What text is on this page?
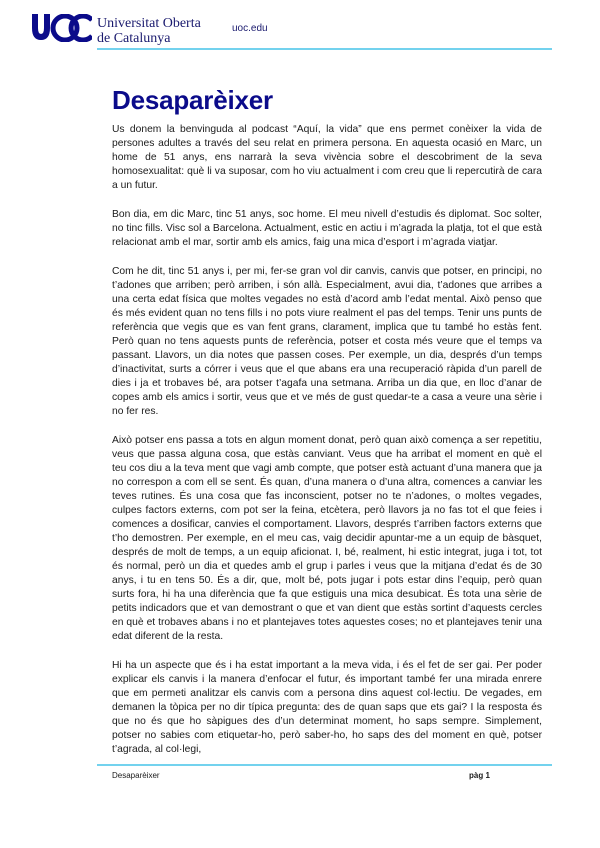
Universitat Oberta
de Catalunya
uoc.edu
Desaparèixer

Us donem la benvinguda al podcast “Aquí, la vida” que ens permet conèixer la vida de persones adultes a través del seu relat en primera persona. En aquesta ocasió en Marc, un home de 51 anys, ens narrarà la seva vivència sobre el descobriment de la seva homosexualitat: què li va suposar, com ho viu actualment i com creu que li repercutirà de cara a un futur.

Bon dia, em dic Marc, tinc 51 anys, soc home. El meu nivell d’estudis és diplomat. Soc solter, no tinc fills. Visc sol a Barcelona. Actualment, estic en actiu i m’agrada la platja, tot el que està relacionat amb el mar, sortir amb els amics, faig una mica d’esport i m’agrada viatjar.

Com he dit, tinc 51 anys i, per mi, fer-se gran vol dir canvis, canvis que potser, en principi, no t’adones que arriben; però arriben, i són allà. Especialment, avui dia, t’adones que arribes a una certa edat física que moltes vegades no està d’acord amb l’edat mental. Això penso que és més evident quan no tens fills i no pots viure realment el pas del temps. Tenir uns punts de referència que vegis que es van fent grans, clarament, implica que tu també ho estàs fent. Però quan no tens aquests punts de referència, potser et costa més veure que el temps va passant. Llavors, un dia notes que passen coses. Per exemple, un dia, després d’un temps d’inactivitat, surts a córrer i veus que el que abans era una recuperació ràpida d’un parell de dies i ja et trobaves bé, ara potser t’agafa una setmana. Arriba un dia que, en lloc d’anar de copes amb els amics i sortir, veus que et ve més de gust quedar-te a casa a veure una sèrie i no fer res.

Això potser ens passa a tots en algun moment donat, però quan això comença a ser repetitiu, veus que passa alguna cosa, que estàs canviant. Veus que ha arribat el moment en què el teu cos diu a la teva ment que vagi amb compte, que potser està actuant d’una manera que ja no correspon a com ell se sent. És quan, d’una manera o d’una altra, comences a canviar les teves rutines. És una cosa que fas inconscient, potser no te n’adones, o moltes vegades, culpes factors externs, com pot ser la feina, etcètera, però llavors ja no fas tot el que feies i comences a dosificar, canvies el comportament. Llavors, després t’arriben factors externs que t’ho demostren. Per exemple, en el meu cas, vaig decidir apuntar-me a un equip de bàsquet, després de molt de temps, a un equip aficionat. I, bé, realment, hi estic integrat, juga i tot, tot és normal, però un dia et quedes amb el grup i parles i veus que la mitjana d’edat és de 30 anys, i tu en tens 50. És a dir, que, molt bé, pots jugar i pots estar dins l’equip, però quan surts fora, hi ha una diferència que fa que estiguis una mica desubicat. És tota una sèrie de petits indicadors que et van demostrant o que et van dient que estàs sortint d’aquests cercles en què et trobaves abans i no et plantejaves totes aquestes coses; no et plantejaves tenir una edat diferent de la resta.

Hi ha un aspecte que és i ha estat important a la meva vida, i és el fet de ser gai. Per poder explicar els canvis i la manera d’enfocar el futur, és important també fer una mirada enrere que em permeti analitzar els canvis com a persona dins aquest col·lectiu. De vegades, em demanen la tòpica per no dir típica pregunta: des de quan saps que ets gai? I la resposta és que no és que ho sàpigues des d’un determinat moment, ho saps sempre. Simplement, potser no sabies com etiquetar-ho, però saber-ho, ho saps des del moment en què, potser t’agrada, al col·legi,

Desaparèixer	pàg 1
